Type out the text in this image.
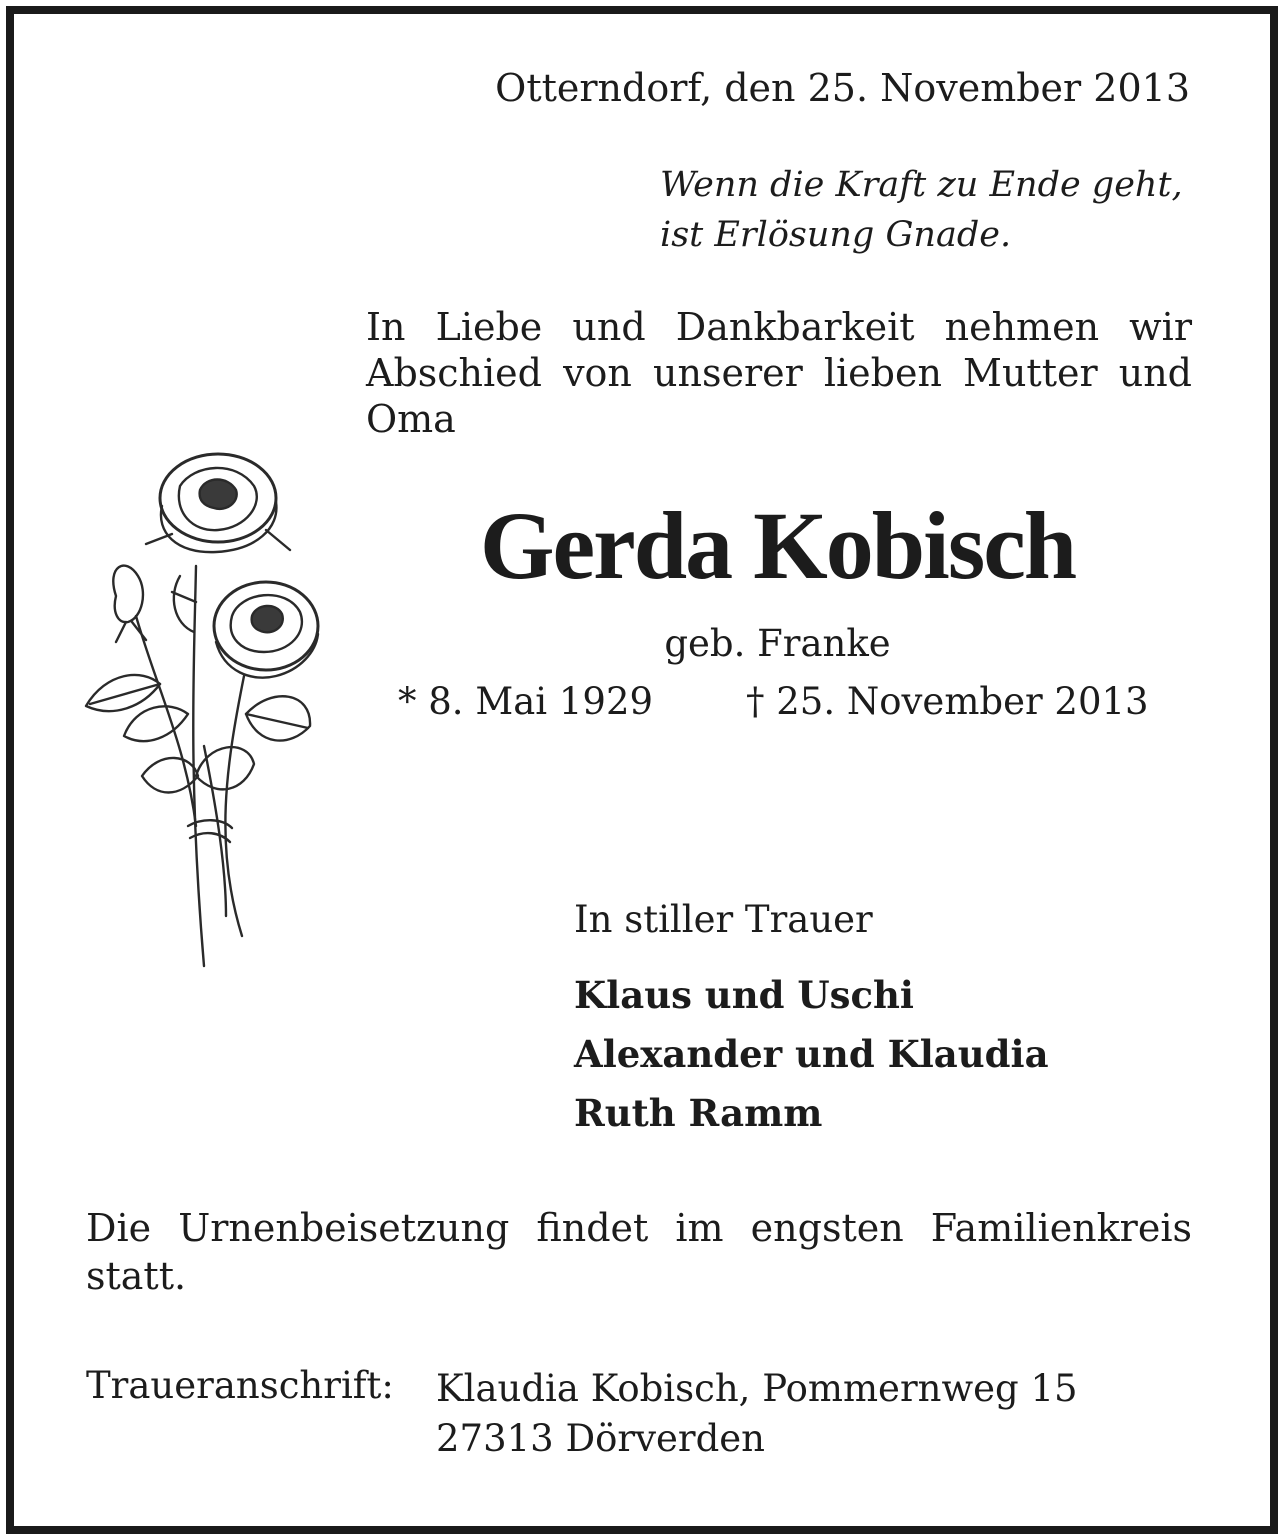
Otterndorf, den 25. November 2013
Wenn die Kraft zu Ende geht,
ist Erlösung Gnade.
In Liebe und Dankbarkeit nehmen wir Abschied von unserer lieben Mutter und Oma
Gerda Kobisch
geb. Franke
* 8. Mai 1929	† 25. November 2013
In stiller Trauer
Klaus und Uschi
Alexander und Klaudia
Ruth Ramm
Die Urnenbeisetzung findet im engsten Familienkreis statt.
Traueranschrift: Klaudia Kobisch, Pommernweg 15
27313 Dörverden
